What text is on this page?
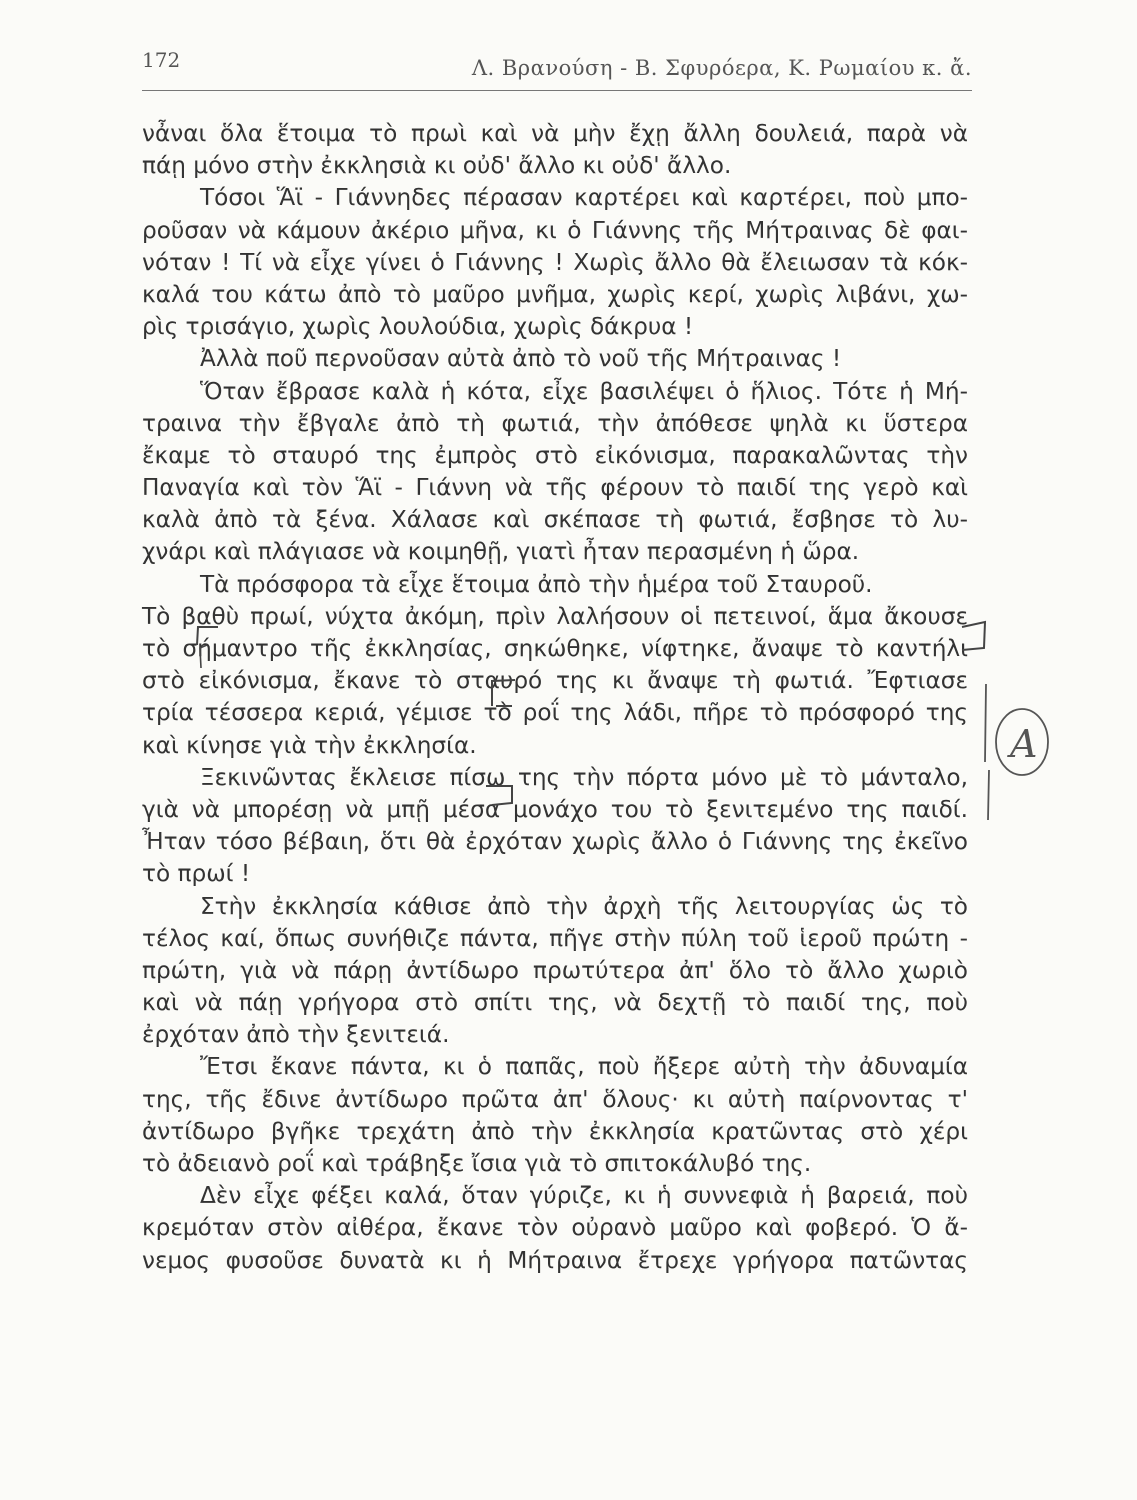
172	Λ. Βρανούση - Β. Σφυρόερα, Κ. Ρωμαίου κ. ἄ.
νἆναι ὅλα ἕτοιμα τὸ πρωὶ καὶ νὰ μὴν ἔχῃ ἄλλη δουλειά, παρὰ νὰ
πάῃ μόνο στὴν ἐκκλησιὰ κι οὐδ' ἄλλο κι οὐδ' ἄλλο.
Τόσοι Ἅϊ - Γιάννηδες πέρασαν καρτέρει καὶ καρτέρει, ποὺ μπο-
ροῦσαν νὰ κάμουν ἀκέριο μῆνα, κι ὁ Γιάννης τῆς Μήτραινας δὲ φαι-
νόταν ! Τί νὰ εἶχε γίνει ὁ Γιάννης ! Χωρὶς ἄλλο θὰ ἔλειωσαν τὰ κόκ-
καλά του κάτω ἀπὸ τὸ μαῦρο μνῆμα, χωρὶς κερί, χωρὶς λιβάνι, χω-
ρὶς τρισάγιο, χωρὶς λουλούδια, χωρὶς δάκρυα !
Ἀλλὰ ποῦ περνοῦσαν αὐτὰ ἀπὸ τὸ νοῦ τῆς Μήτραινας !
Ὅταν ἔβρασε καλὰ ἡ κότα, εἶχε βασιλέψει ὁ ἥλιος. Τότε ἡ Μή-
τραινα τὴν ἔβγαλε ἀπὸ τὴ φωτιά, τὴν ἀπόθεσε ψηλὰ κι ὕστερα
ἔκαμε τὸ σταυρό της ἐμπρὸς στὸ εἰκόνισμα, παρακαλῶντας τὴν
Παναγία καὶ τὸν Ἅϊ - Γιάννη νὰ τῆς φέρουν τὸ παιδί της γερὸ καὶ
καλὰ ἀπὸ τὰ ξένα. Χάλασε καὶ σκέπασε τὴ φωτιά, ἔσβησε τὸ λυ-
χνάρι καὶ πλάγιασε νὰ κοιμηθῇ, γιατὶ ἦταν περασμένη ἡ ὥρα.
Τὰ πρόσφορα τὰ εἶχε ἕτοιμα ἀπὸ τὴν ἡμέρα τοῦ Σταυροῦ.
Τὸ βαθὺ πρωί, νύχτα ἀκόμη, πρὶν λαλήσουν οἱ πετεινοί, ἅμα ἄκουσε
τὸ σήμαντρο τῆς ἐκκλησίας, σηκώθηκε, νίφτηκε, ἄναψε τὸ καντήλι
στὸ εἰκόνισμα, ἔκανε τὸ σταυρό της κι ἄναψε τὴ φωτιά. Ἔφτιασε
τρία τέσσερα κεριά, γέμισε τὸ ροΐ της λάδι, πῆρε τὸ πρόσφορό της
καὶ κίνησε γιὰ τὴν ἐκκλησία.
Ξεκινῶντας ἔκλεισε πίσω της τὴν πόρτα μόνο μὲ τὸ μάνταλο,
γιὰ νὰ μπορέσῃ νὰ μπῇ μέσα μονάχο του τὸ ξενιτεμένο της παιδί.
Ἦταν τόσο βέβαιη, ὅτι θὰ ἐρχόταν χωρὶς ἄλλο ὁ Γιάννης της ἐκεῖνο
τὸ πρωί !
Στὴν ἐκκλησία κάθισε ἀπὸ τὴν ἀρχὴ τῆς λειτουργίας ὡς τὸ
τέλος καί, ὅπως συνήθιζε πάντα, πῆγε στὴν πύλη τοῦ ἱεροῦ πρώτη -
πρώτη, γιὰ νὰ πάρῃ ἀντίδωρο πρωτύτερα ἀπ' ὅλο τὸ ἄλλο χωριὸ
καὶ νὰ πάῃ γρήγορα στὸ σπίτι της, νὰ δεχτῇ τὸ παιδί της, ποὺ
ἐρχόταν ἀπὸ τὴν ξενιτειά.
Ἔτσι ἔκανε πάντα, κι ὁ παπᾶς, ποὺ ἤξερε αὐτὴ τὴν ἀδυναμία
της, τῆς ἔδινε ἀντίδωρο πρῶτα ἀπ' ὅλους· κι αὐτὴ παίρνοντας τ'
ἀντίδωρο βγῆκε τρεχάτη ἀπὸ τὴν ἐκκλησία κρατῶντας στὸ χέρι
τὸ ἀδειανὸ ροΐ καὶ τράβηξε ἴσια γιὰ τὸ σπιτοκάλυβό της.
Δὲν εἶχε φέξει καλά, ὅταν γύριζε, κι ἡ συννεφιὰ ἡ βαρειά, ποὺ
κρεμόταν στὸν αἰθέρα, ἔκανε τὸν οὐρανὸ μαῦρο καὶ φοβερό. Ὁ ἄ-
νεμος φυσοῦσε δυνατὰ κι ἡ Μήτραινα ἔτρεχε γρήγορα πατῶντας
Α
